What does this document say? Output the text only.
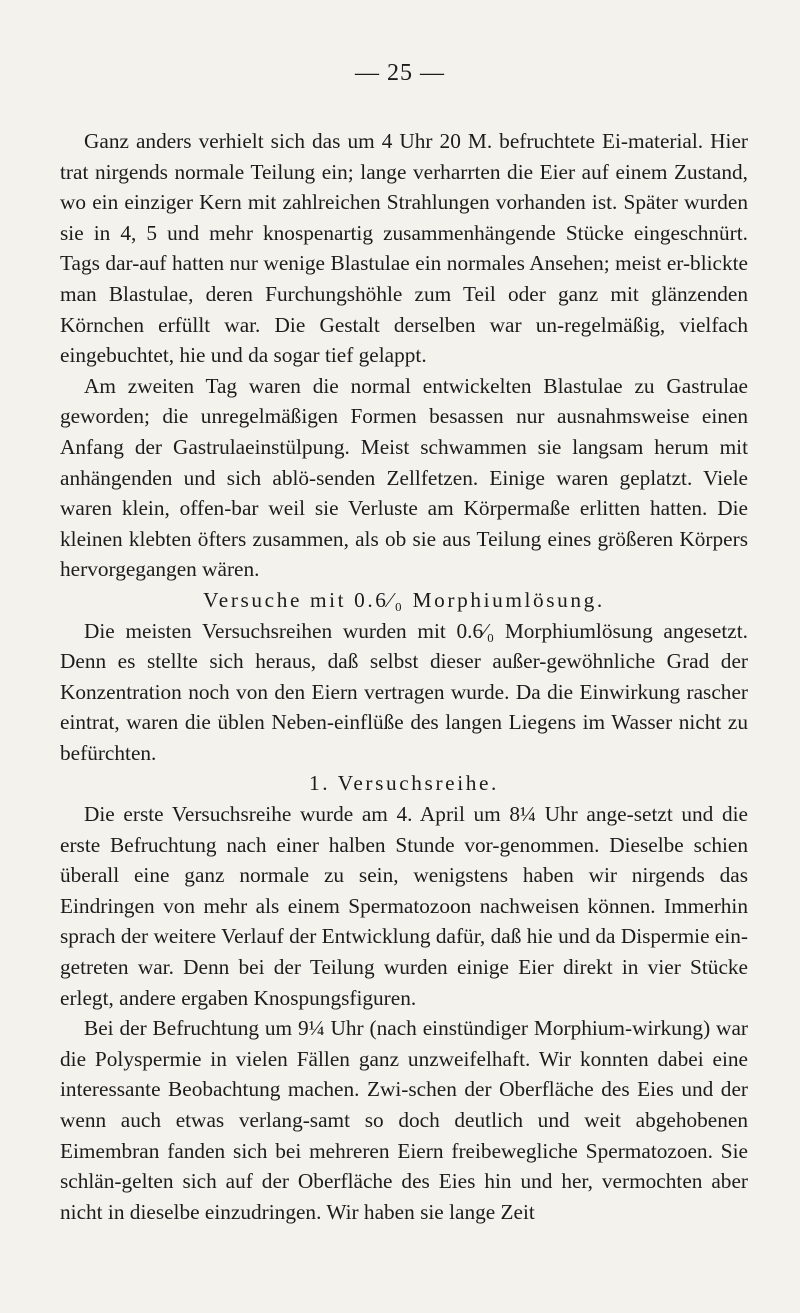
— 25 —

Ganz anders verhielt sich das um 4 Uhr 20 M. befruchtete Ei-material. Hier trat nirgends normale Teilung ein; lange verharrten die Eier auf einem Zustand, wo ein einziger Kern mit zahlreichen Strahlungen vorhanden ist. Später wurden sie in 4, 5 und mehr knospenartig zusammenhängende Stücke eingeschnürt. Tags dar-auf hatten nur wenige Blastulae ein normales Ansehen; meist er-blickte man Blastulae, deren Furchungshöhle zum Teil oder ganz mit glänzenden Körnchen erfüllt war. Die Gestalt derselben war un-regelmäßig, vielfach eingebuchtet, hie und da sogar tief gelappt.

Am zweiten Tag waren die normal entwickelten Blastulae zu Gastrulae geworden; die unregelmäßigen Formen besassen nur ausnahmsweise einen Anfang der Gastrulaeinstülpung. Meist schwammen sie langsam herum mit anhängenden und sich ablö-senden Zellfetzen. Einige waren geplatzt. Viele waren klein, offen-bar weil sie Verluste am Körpermaße erlitten hatten. Die kleinen klebten öfters zusammen, als ob sie aus Teilung eines größeren Körpers hervorgegangen wären.

Versuche mit 0.6⁄₀ Morphiumlösung.

Die meisten Versuchsreihen wurden mit 0.6⁄₀ Morphiumlösung angesetzt. Denn es stellte sich heraus, daß selbst dieser außer-gewöhnliche Grad der Konzentration noch von den Eiern vertragen wurde. Da die Einwirkung rascher eintrat, waren die üblen Neben-einflüße des langen Liegens im Wasser nicht zu befürchten.

1. Versuchsreihe.

Die erste Versuchsreihe wurde am 4. April um 8¼ Uhr ange-setzt und die erste Befruchtung nach einer halben Stunde vor-genommen. Dieselbe schien überall eine ganz normale zu sein, wenigstens haben wir nirgends das Eindringen von mehr als einem Spermatozoon nachweisen können. Immerhin sprach der weitere Verlauf der Entwicklung dafür, daß hie und da Dispermie ein-getreten war. Denn bei der Teilung wurden einige Eier direkt in vier Stücke erlegt, andere ergaben Knospungsfiguren.

Bei der Befruchtung um 9¼ Uhr (nach einstündiger Morphium-wirkung) war die Polyspermie in vielen Fällen ganz unzweifelhaft. Wir konnten dabei eine interessante Beobachtung machen. Zwi-schen der Oberfläche des Eies und der wenn auch etwas verlang-samt so doch deutlich und weit abgehobenen Eimembran fanden sich bei mehreren Eiern freibewegliche Spermatozoen. Sie schlän-gelten sich auf der Oberfläche des Eies hin und her, vermochten aber nicht in dieselbe einzudringen. Wir haben sie lange Zeit
